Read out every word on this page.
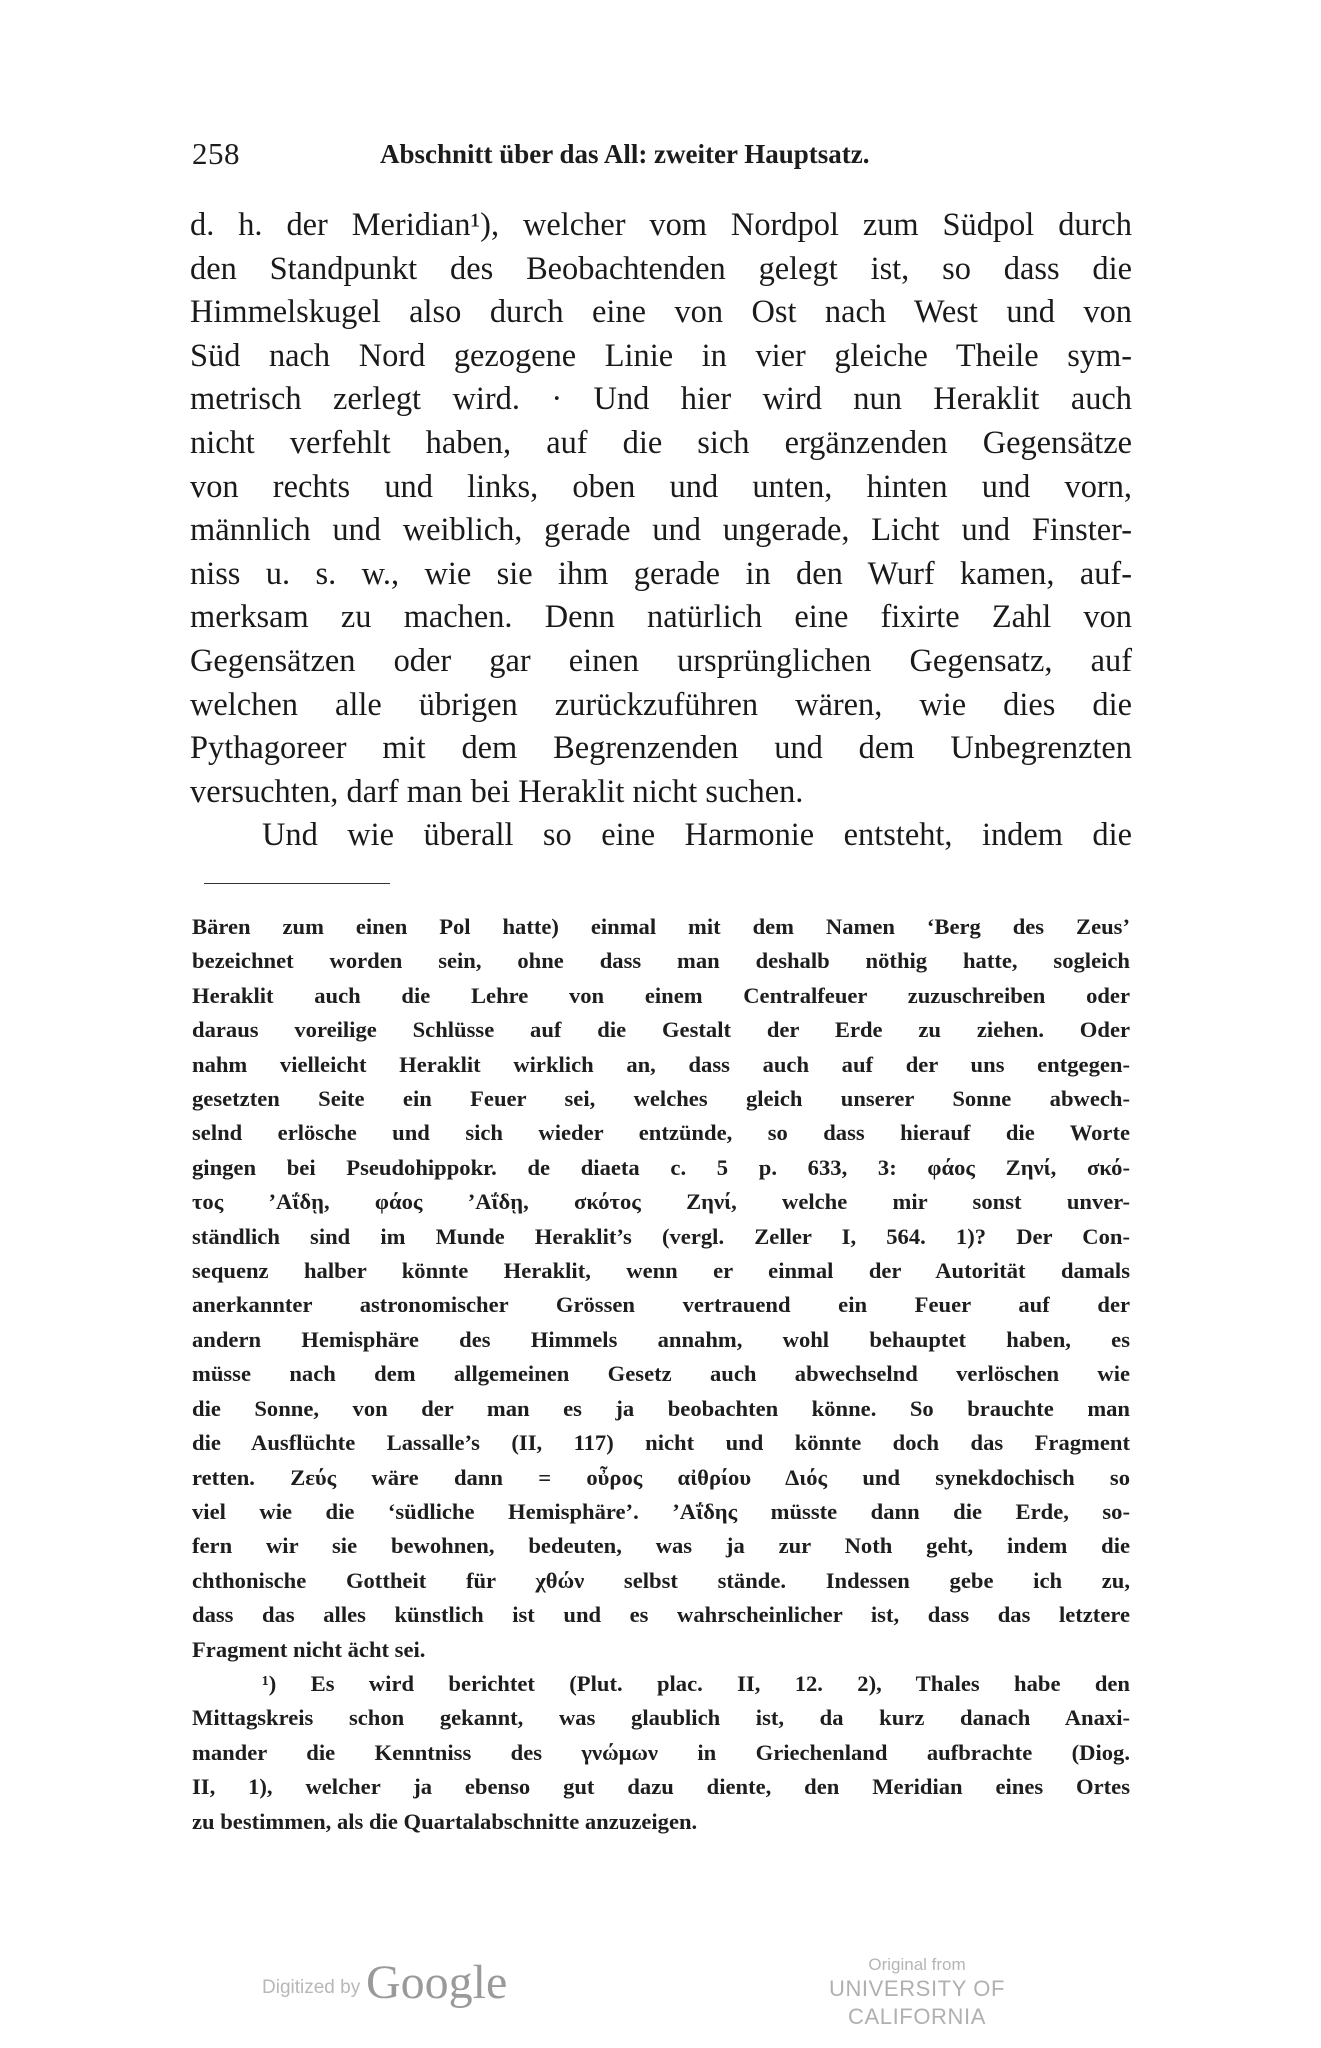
258	Abschnitt über das All: zweiter Hauptsatz.
d. h. der Meridian¹), welcher vom Nordpol zum Südpol durch
den Standpunkt des Beobachtenden gelegt ist, so dass die
Himmelskugel also durch eine von Ost nach West und von
Süd nach Nord gezogene Linie in vier gleiche Theile sym-
metrisch zerlegt wird. · Und hier wird nun Heraklit auch
nicht verfehlt haben, auf die sich ergänzenden Gegensätze
von rechts und links, oben und unten, hinten und vorn,
männlich und weiblich, gerade und ungerade, Licht und Finster-
niss u. s. w., wie sie ihm gerade in den Wurf kamen, auf-
merksam zu machen. Denn natürlich eine fixirte Zahl von
Gegensätzen oder gar einen ursprünglichen Gegensatz, auf
welchen alle übrigen zurückzuführen wären, wie dies die
Pythagoreer mit dem Begrenzenden und dem Unbegrenzten
versuchten, darf man bei Heraklit nicht suchen.
Und wie überall so eine Harmonie entsteht, indem die
Bären zum einen Pol hatte) einmal mit dem Namen ‘Berg des Zeus’
bezeichnet worden sein, ohne dass man deshalb nöthig hatte, sogleich
Heraklit auch die Lehre von einem Centralfeuer zuzuschreiben oder
daraus voreilige Schlüsse auf die Gestalt der Erde zu ziehen. Oder
nahm vielleicht Heraklit wirklich an, dass auch auf der uns entgegen-
gesetzten Seite ein Feuer sei, welches gleich unserer Sonne abwech-
selnd erlösche und sich wieder entzünde, so dass hierauf die Worte
gingen bei Pseudohippokr. de diaeta c. 5 p. 633, 3: φάος Ζηνί, σκό-
τος ’Αΐδῃ, φάος ’Αΐδῃ, σκότος Ζηνί, welche mir sonst unver-
ständlich sind im Munde Heraklit’s (vergl. Zeller I, 564. 1)? Der Con-
sequenz halber könnte Heraklit, wenn er einmal der Autorität damals
anerkannter astronomischer Grössen vertrauend ein Feuer auf der
andern Hemisphäre des Himmels annahm, wohl behauptet haben, es
müsse nach dem allgemeinen Gesetz auch abwechselnd verlöschen wie
die Sonne, von der man es ja beobachten könne. So brauchte man
die Ausflüchte Lassalle’s (II, 117) nicht und könnte doch das Fragment
retten. Ζεύς wäre dann = οὖρος αἰθρίου Διός und synekdochisch so
viel wie die ‘südliche Hemisphäre’. ’Αΐδης müsste dann die Erde, so-
fern wir sie bewohnen, bedeuten, was ja zur Noth geht, indem die
chthonische Gottheit für χθών selbst stände. Indessen gebe ich zu,
dass das alles künstlich ist und es wahrscheinlicher ist, dass das letztere
Fragment nicht ächt sei.
¹) Es wird berichtet (Plut. plac. II, 12. 2), Thales habe den
Mittagskreis schon gekannt, was glaublich ist, da kurz danach Anaxi-
mander die Kenntniss des γνώμων in Griechenland aufbrachte (Diog.
II, 1), welcher ja ebenso gut dazu diente, den Meridian eines Ortes
zu bestimmen, als die Quartalabschnitte anzuzeigen.
Digitized by Google	Original from
UNIVERSITY OF CALIFORNIA
